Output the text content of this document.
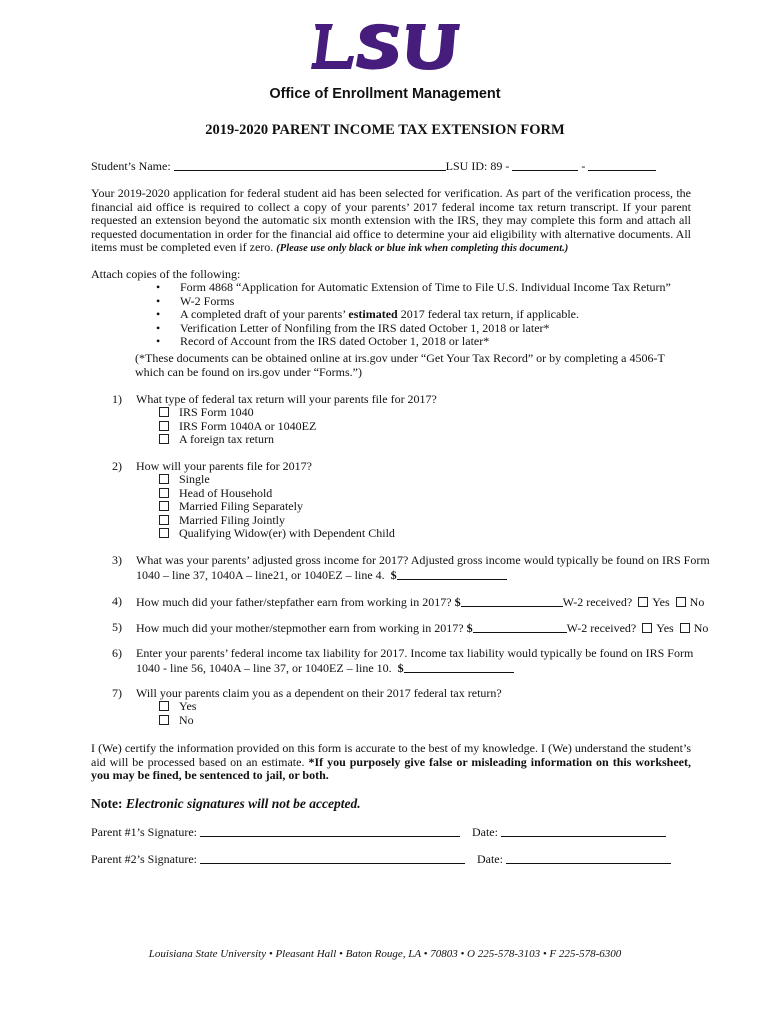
Office of Enrollment Management
2019-2020 PARENT INCOME TAX EXTENSION FORM
Student’s Name:	LSU ID: 89 -	-
Your 2019-2020 application for federal student aid has been selected for verification. As part of the verification process, the financial aid office is required to collect a copy of your parents’ 2017 federal income tax return transcript. If your parent requested an extension beyond the automatic six month extension with the IRS, they may complete this form and attach all requested documentation in order for the financial aid office to determine your aid eligibility with alternative documents. All items must be completed even if zero. (Please use only black or blue ink when completing this document.)
Attach copies of the following:
• Form 4868 “Application for Automatic Extension of Time to File U.S. Individual Income Tax Return”
• W-2 Forms
• A completed draft of your parents’ estimated 2017 federal tax return, if applicable.
• Verification Letter of Nonfiling from the IRS dated October 1, 2018 or later*
• Record of Account from the IRS dated October 1, 2018 or later*
(*These documents can be obtained online at irs.gov under “Get Your Tax Record” or by completing a 4506-T which can be found on irs.gov under “Forms.”)
1) What type of federal tax return will your parents file for 2017?
IRS Form 1040
IRS Form 1040A or 1040EZ
A foreign tax return
2) How will your parents file for 2017?
Single
Head of Household
Married Filing Separately
Married Filing Jointly
Qualifying Widow(er) with Dependent Child
3) What was your parents’ adjusted gross income for 2017? Adjusted gross income would typically be found on IRS Form
1040 – line 37, 1040A – line21, or 1040EZ – line 4. $
4) How much did your father/stepfather earn from working in 2017? $	W-2 received? Yes No
5) How much did your mother/stepmother earn from working in 2017? $	W-2 received? Yes No
6) Enter your parents’ federal income tax liability for 2017. Income tax liability would typically be found on IRS Form
1040 - line 56, 1040A – line 37, or 1040EZ – line 10. $
7) Will your parents claim you as a dependent on their 2017 federal tax return?
Yes
No
I (We) certify the information provided on this form is accurate to the best of my knowledge. I (We) understand the student’s aid will be processed based on an estimate. *If you purposely give false or misleading information on this worksheet, you may be fined, be sentenced to jail, or both.
Note: Electronic signatures will not be accepted.
Parent #1’s Signature:	Date:
Parent #2’s Signature:	Date:
Louisiana State University • Pleasant Hall • Baton Rouge, LA • 70803 • O 225-578-3103 • F 225-578-6300
